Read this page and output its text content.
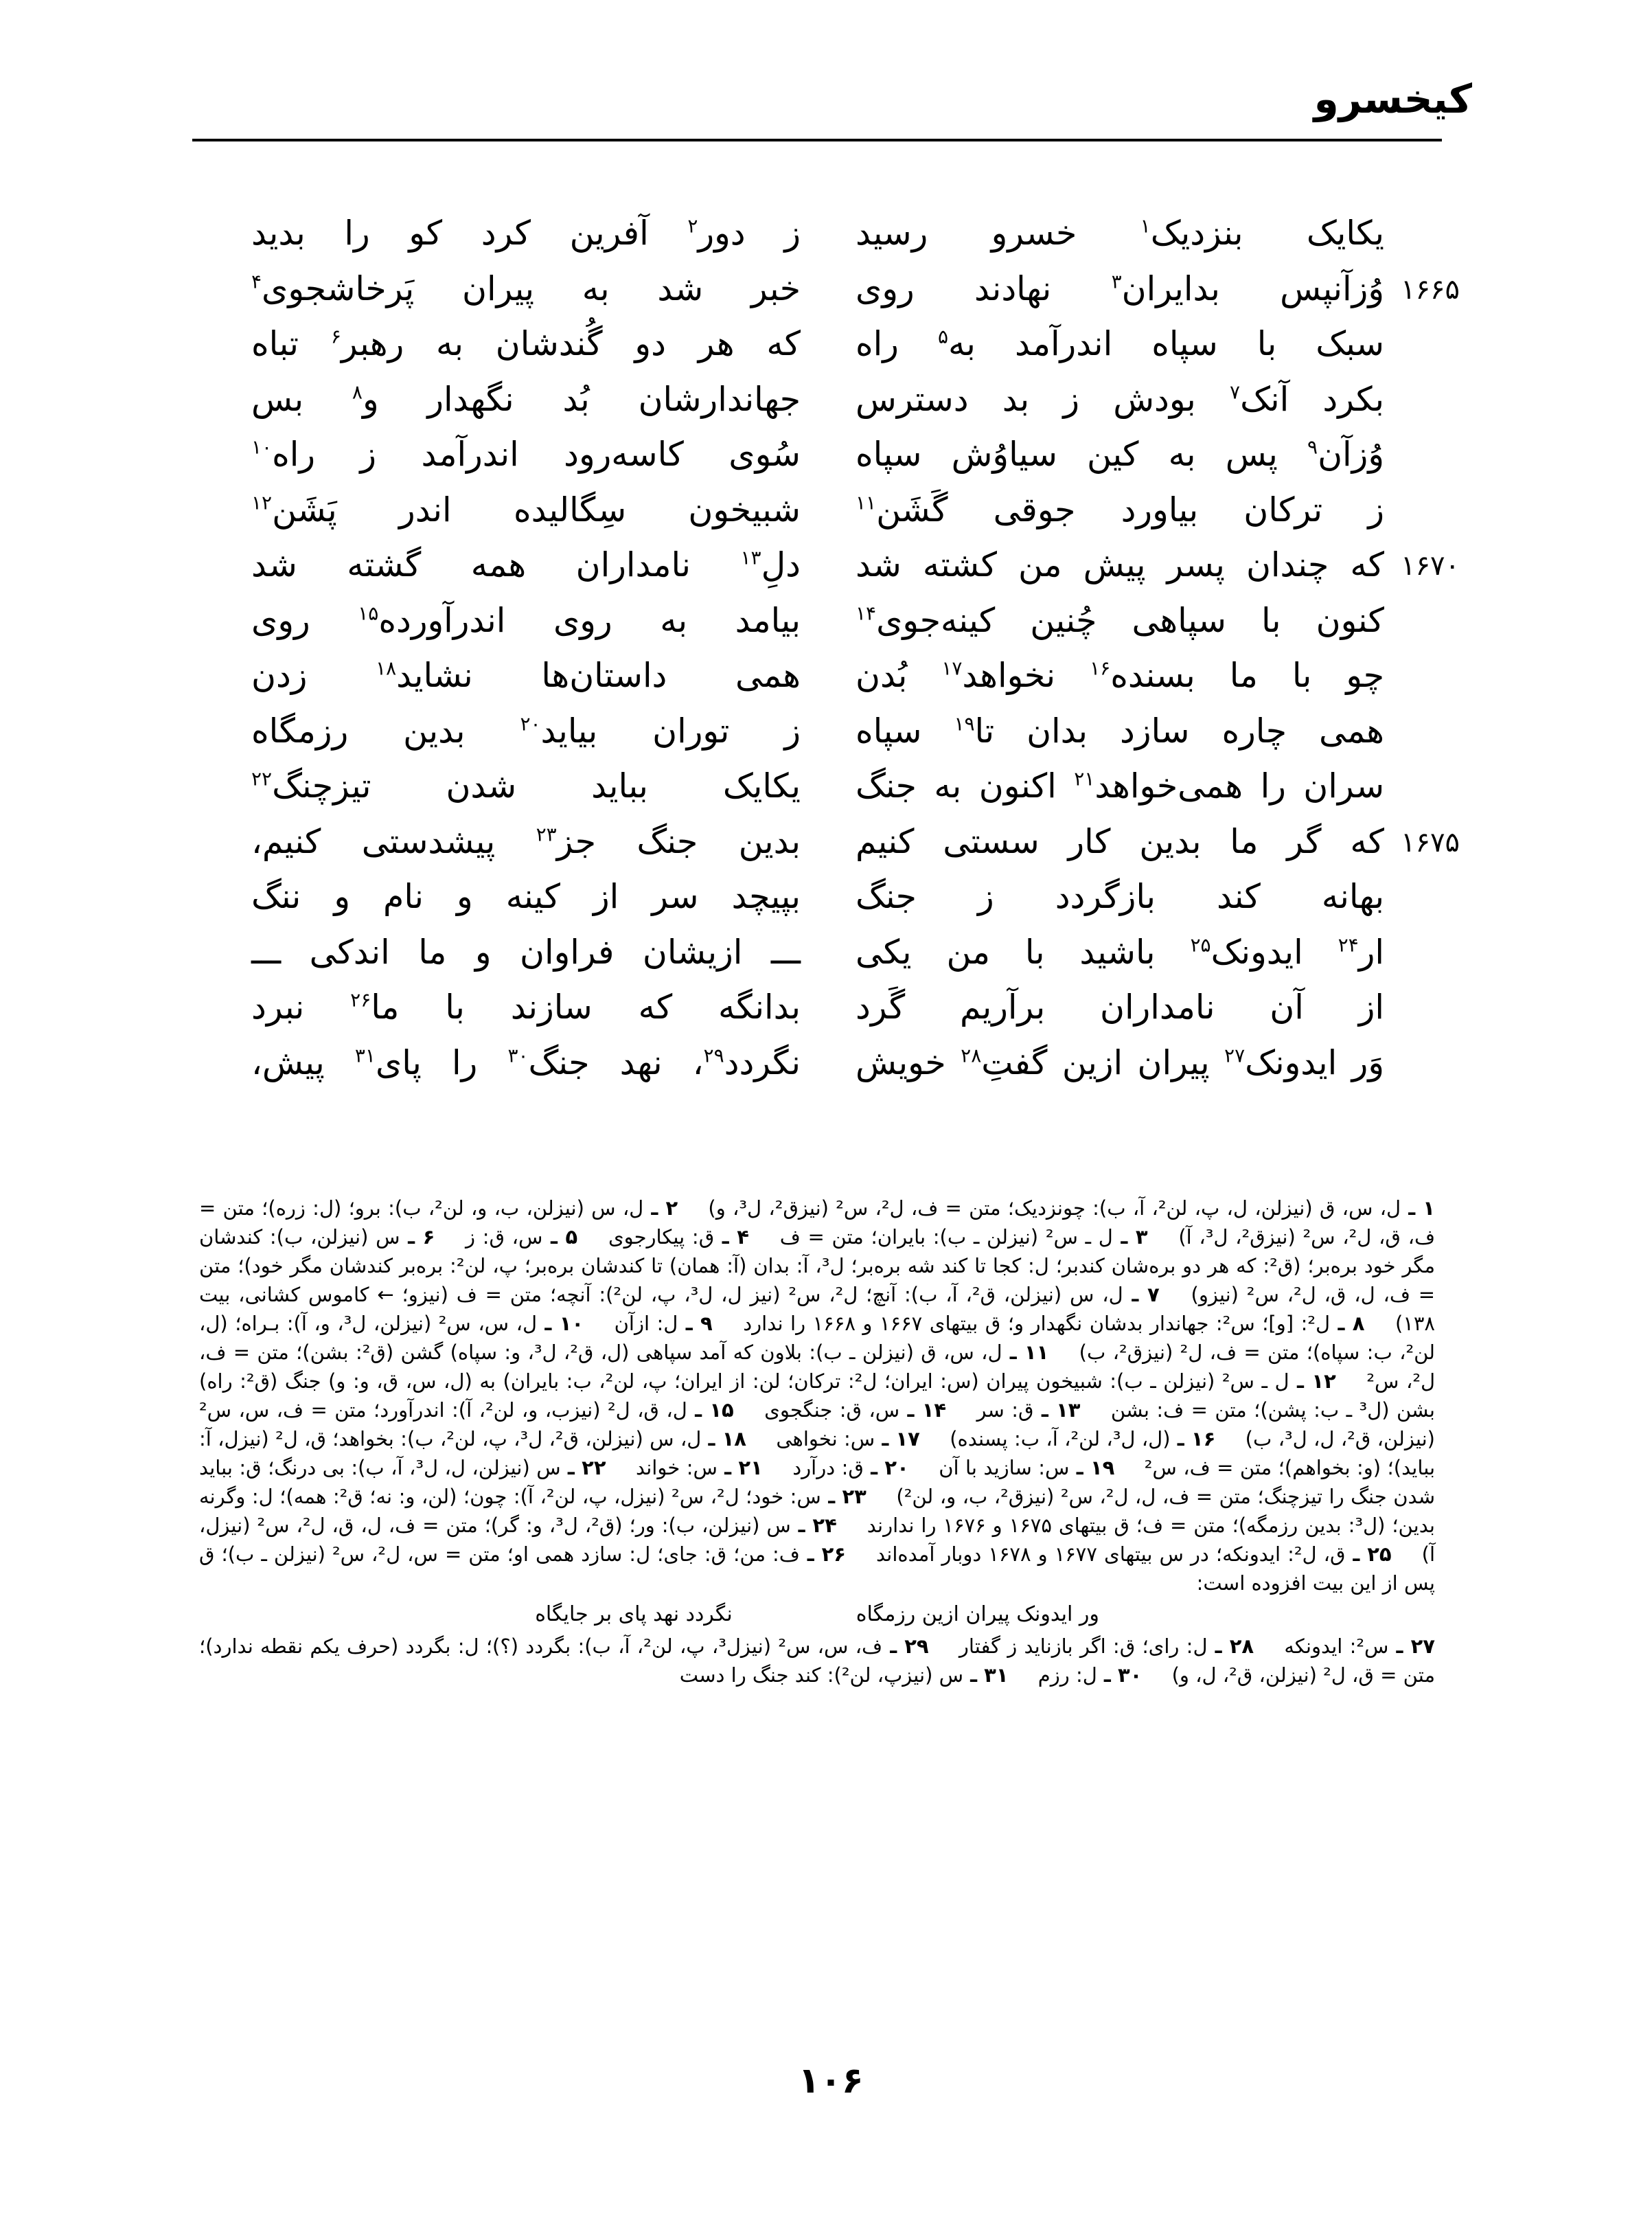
کیخسرو
۱۶۶۵
۱۶۷۰
۱۶۷۵
یکایک بنزدیک$^۱$ خسرو رسید
وُزآنپس بدایران$^۳$ نهادند روی
سبک با سپاه اندرآمد به$^۵$ راه
بکرد آنک$^۷$ بودش ز بد دسترس
وُزآن$^۹$ پس به کین سیاوُش سپاه
ز ترکان بیاورد جوقی گَشَن$^{۱۱}$
که چندان پسر پیش من کشته شد
کنون با سپاهی چُنین کینه‌جوی$^{۱۴}$
چو با ما بسنده$^{۱۶}$ نخواهد$^{۱۷}$ بُدن
همی چاره سازد بدان تا$^{۱۹}$ سپاه
سران را همی‌خواهد$^{۲۱}$ اکنون به جنگ
که گر ما بدین کار سستی کنیم
بهانه کند بازگردد ز جنگ
ار$^{۲۴}$ ایدونک$^{۲۵}$ باشید با من یکی
از آن نامداران برآریم گَرد
وَر ایدونک$^{۲۷}$ پیران ازین گفتِ$^{۲۸}$ خویش
ز دور$^۲$ آفرین کرد کو را بدید
خبر شد به پیران پَرخاشجوی$^۴$
که هر دو گُندشان به رهبر$^۶$ تباه
جهاندارشان بُد نگهدار و$^۸$ بس
سُوی کاسه‌رود اندرآمد ز راه$^{۱۰}$
شبیخون سِگالیده اندر پَشَن$^{۱۲}$
دلِ$^{۱۳}$ نامداران همه گشته شد
بیامد به روی اندرآورده$^{۱۵}$ روی
همی داستان‌ها نشاید$^{۱۸}$ زدن
ز توران بیاید$^{۲۰}$ بدین رزمگاه
یکایک بباید شدن تیزچنگ$^{۲۲}$
بدین جنگ جز$^{۲۳}$ پیشدستی کنیم،
بپیچد سر از کینه و نام و ننگ
ـــ ازیشان فراوان و ما اندکی ـــ
بدانگه که سازند با ما$^{۲۶}$ نبرد
نگردد$^{۲۹}$، نهد جنگ$^{۳۰}$ را پای$^{۳۱}$ پیش،
۱ ـ ل، س، ق (نیزلن، ل، پ، لن²، آ، ب): چونزدیک؛ متن = ف، ل²، س² (نیزق²، ل³، و) ۲ ـ ل، س (نیزلن، ب، و، لن²، ب): برو؛ (ل: زره)؛ متن = ف، ق، ل²، س² (نیزق²، ل³، آ) ۳ ـ ل ـ س² (نیزلن ـ ب): بایران؛ متن = ف ۴ ـ ق: پیکارجوی ۵ ـ س، ق: ز ۶ ـ س (نیزلن، ب): کندشان مگر خود بره‌بر؛ (ق²: که هر دو بره‌شان کندبر؛ ل: کجا تا کند شه بره‌بر؛ ل³، آ: بدان (آ: همان) تا کندشان بره‌بر؛ پ، لن²: بره‌بر کندشان مگر خود)؛ متن = ف، ل، ق، ل²، س² (نیزو) ۷ ـ ل، س (نیزلن، ق²، آ، ب): آنچ؛ ل²، س² (نیز ل، ل³، پ، لن²): آنچه؛ متن = ف (نیزو؛ ← کاموس کشانی، بیت ۱۳۸) ۸ ـ ل²: [و]؛ س²: جهاندار بدشان نگهدار و؛ ق بیتهای ۱۶۶۷ و ۱۶۶۸ را ندارد ۹ ـ ل: ازآن ۱۰ ـ ل، س، س² (نیزلن، ل³، و، آ): بـراه؛ (ل، لن²، ب: سپاه)؛ متن = ف، ل² (نیزق²، ب) ۱۱ ـ ل، س، ق (نیزلن ـ ب): بلاون که آمد سپاهی (ل، ق²، ل³، و: سپاه) گشن (ق²: بشن)؛ متن = ف، ل²، س² ۱۲ ـ ل ـ س² (نیزلن ـ ب): شبیخون پیران (س: ایران؛ ل²: ترکان؛ لن: از ایران؛ پ، لن²، ب: بایران) به (ل، س، ق، و: و) جنگ (ق²: راه) بشن (ل³ ـ ب: پشن)؛ متن = ف: بشن ۱۳ ـ ق: سر ۱۴ ـ س، ق: جنگجوی ۱۵ ـ ل، ق، ل² (نیزب، و، لن²، آ): اندرآورد؛ متن = ف، س، س² (نیزلن، ق²، ل، ل³، ب) ۱۶ ـ (ل، ل³، لن²، آ، ب: پسنده) ۱۷ ـ س: نخواهی ۱۸ ـ ل، س (نیزلن، ق²، ل³، پ، لن²، ب): بخواهد؛ ق، ل² (نیزل، آ: بباید)؛ (و: بخواهم)؛ متن = ف، س² ۱۹ ـ س: سازید با آن ۲۰ ـ ق: درآرد ۲۱ ـ س: خواند ۲۲ ـ س (نیزلن، ل، ل³، آ، ب): بی درنگ؛ ق: بباید شدن جنگ را تیزچنگ؛ متن = ف، ل، ل²، س² (نیزق²، ب، و، لن²) ۲۳ ـ س: خود؛ ل²، س² (نیزل، پ، لن²، آ): چون؛ (لن، و: نه؛ ق²: همه)؛ ل: وگرنه بدین؛ (ل³: بدین رزمگه)؛ متن = ف؛ ق بیتهای ۱۶۷۵ و ۱۶۷۶ را ندارند ۲۴ ـ س (نیزلن، ب): ور؛ (ق²، ل³، و: گر)؛ متن = ف، ل، ق، ل²، س² (نیزل، آ) ۲۵ ـ ق، ل²: ایدونکه؛ در س بیتهای ۱۶۷۷ و ۱۶۷۸ دوبار آمده‌اند ۲۶ ـ ف: من؛ ق: جای؛ ل: سازد همی او؛ متن = س، ل²، س² (نیزلن ـ ب)؛ ق پس از این بیت افزوده است:
ور ایدونک پیران ازین رزمگاه
نگردد نهد پای بر جایگاه
۲۷ ـ س²: ایدونکه ۲۸ ـ ل: رای؛ ق: اگر بازناید ز گفتار ۲۹ ـ ف، س، س² (نیزل³، پ، لن²، آ، ب): بگردد (؟)؛ ل: بگردد (حرف یکم نقطه ندارد)؛ متن = ق، ل² (نیزلن، ق²، ل، و) ۳۰ ـ ل: رزم ۳۱ ـ س (نیزپ، لن²): کند جنگ را دست
۱۰۶
